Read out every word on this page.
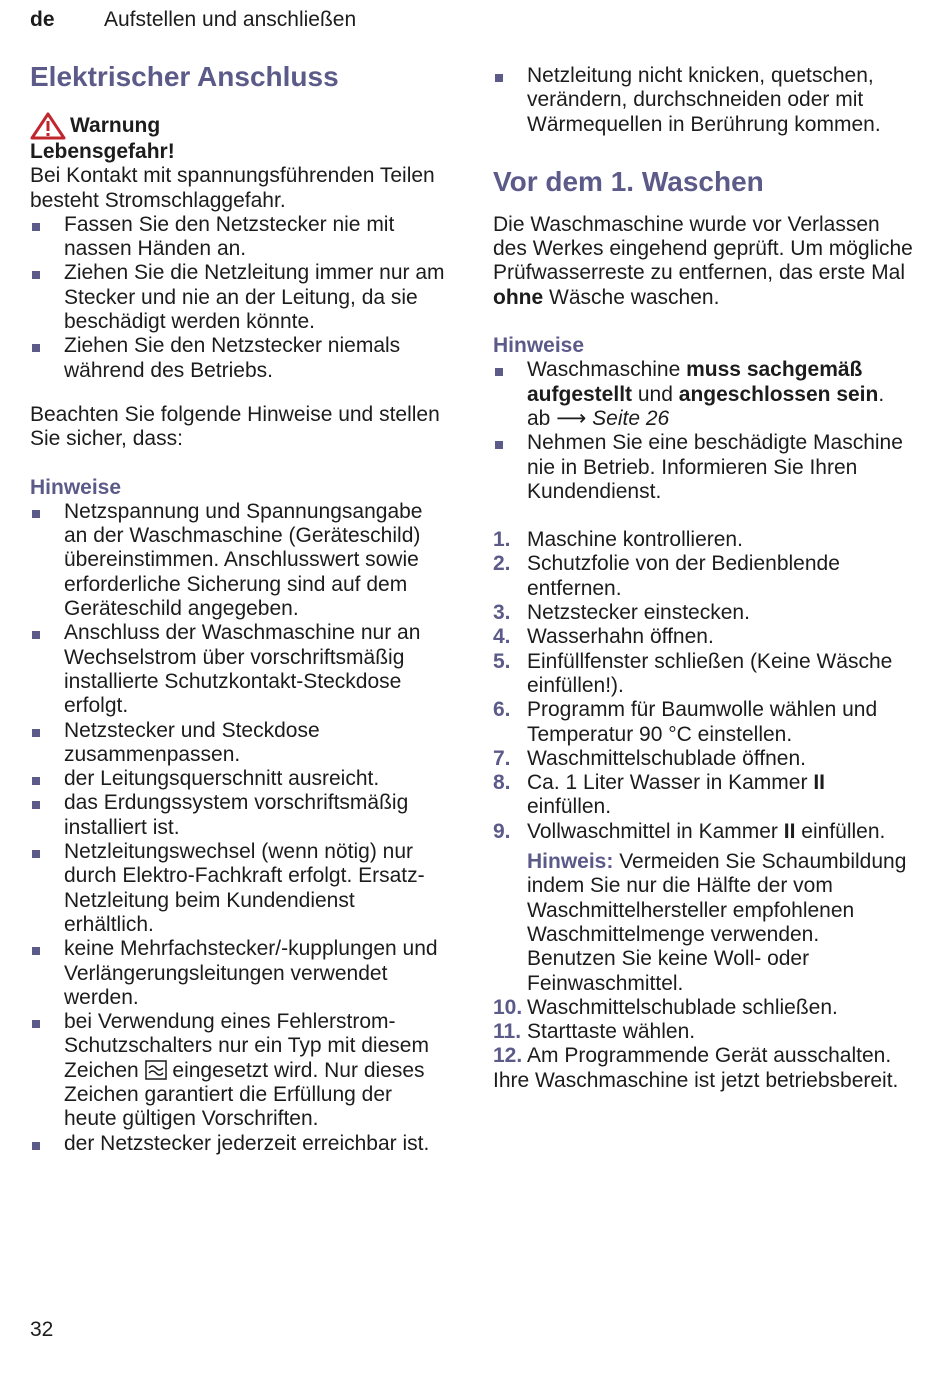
de Aufstellen und anschließen
Elektrischer Anschluss
Warnung

Lebensgefahr!

Bei Kontakt mit spannungsführenden Teilen besteht Stromschlaggefahr.

Fassen Sie den Netzstecker nie mit nassen Händen an.
Ziehen Sie die Netzleitung immer nur am Stecker und nie an der Leitung, da sie beschädigt werden könnte.
Ziehen Sie den Netzstecker niemals während des Betriebs.

Beachten Sie folgende Hinweise und stellen Sie sicher, dass:

Hinweise
Netzspannung und Spannungsangabe an der Waschmaschine (Geräteschild) übereinstimmen. Anschlusswert sowie erforderliche Sicherung sind auf dem Geräteschild angegeben.
Anschluss der Waschmaschine nur an Wechselstrom über vorschriftsmäßig installierte Schutzkontakt-Steckdose erfolgt.
Netzstecker und Steckdose zusammenpassen.
der Leitungsquerschnitt ausreicht.
das Erdungssystem vorschriftsmäßig installiert ist.
Netzleitungswechsel (wenn nötig) nur durch Elektro-Fachkraft erfolgt. Ersatz-Netzleitung beim Kundendienst erhältlich.
keine Mehrfachstecker/-kupplungen und Verlängerungsleitungen verwendet werden.
bei Verwendung eines Fehlerstrom-Schutzschalters nur ein Typ mit diesem Zeichen eingesetzt wird. Nur dieses Zeichen garantiert die Erfüllung der heute gültigen Vorschriften.
der Netzstecker jederzeit erreichbar ist.
Netzleitung nicht knicken, quetschen, verändern, durchschneiden oder mit Wärmequellen in Berührung kommen.
Vor dem 1. Waschen

Die Waschmaschine wurde vor Verlassen des Werkes eingehend geprüft. Um mögliche Prüfwasserreste zu entfernen, das erste Mal ohne Wäsche waschen.

Hinweise
Waschmaschine muss sachgemäß aufgestellt und angeschlossen sein. ab ⟶ Seite 26
Nehmen Sie eine beschädigte Maschine nie in Betrieb. Informieren Sie Ihren Kundendienst.
1. Maschine kontrollieren.
2. Schutzfolie von der Bedienblende entfernen.
3. Netzstecker einstecken.
4. Wasserhahn öffnen.
5. Einfüllfenster schließen (Keine Wäsche einfüllen!).
6. Programm für Baumwolle wählen und Temperatur 90 °C einstellen.
7. Waschmittelschublade öffnen.
8. Ca. 1 Liter Wasser in Kammer II einfüllen.
9. Vollwaschmittel in Kammer II einfüllen.
Hinweis: Vermeiden Sie Schaumbildung indem Sie nur die Hälfte der vom Waschmittelhersteller empfohlenen Waschmittelmenge verwenden. Benutzen Sie keine Woll- oder Feinwaschmittel.
10. Waschmittelschublade schließen.
11. Starttaste wählen.
12. Am Programmende Gerät ausschalten.

Ihre Waschmaschine ist jetzt betriebsbereit.

32
